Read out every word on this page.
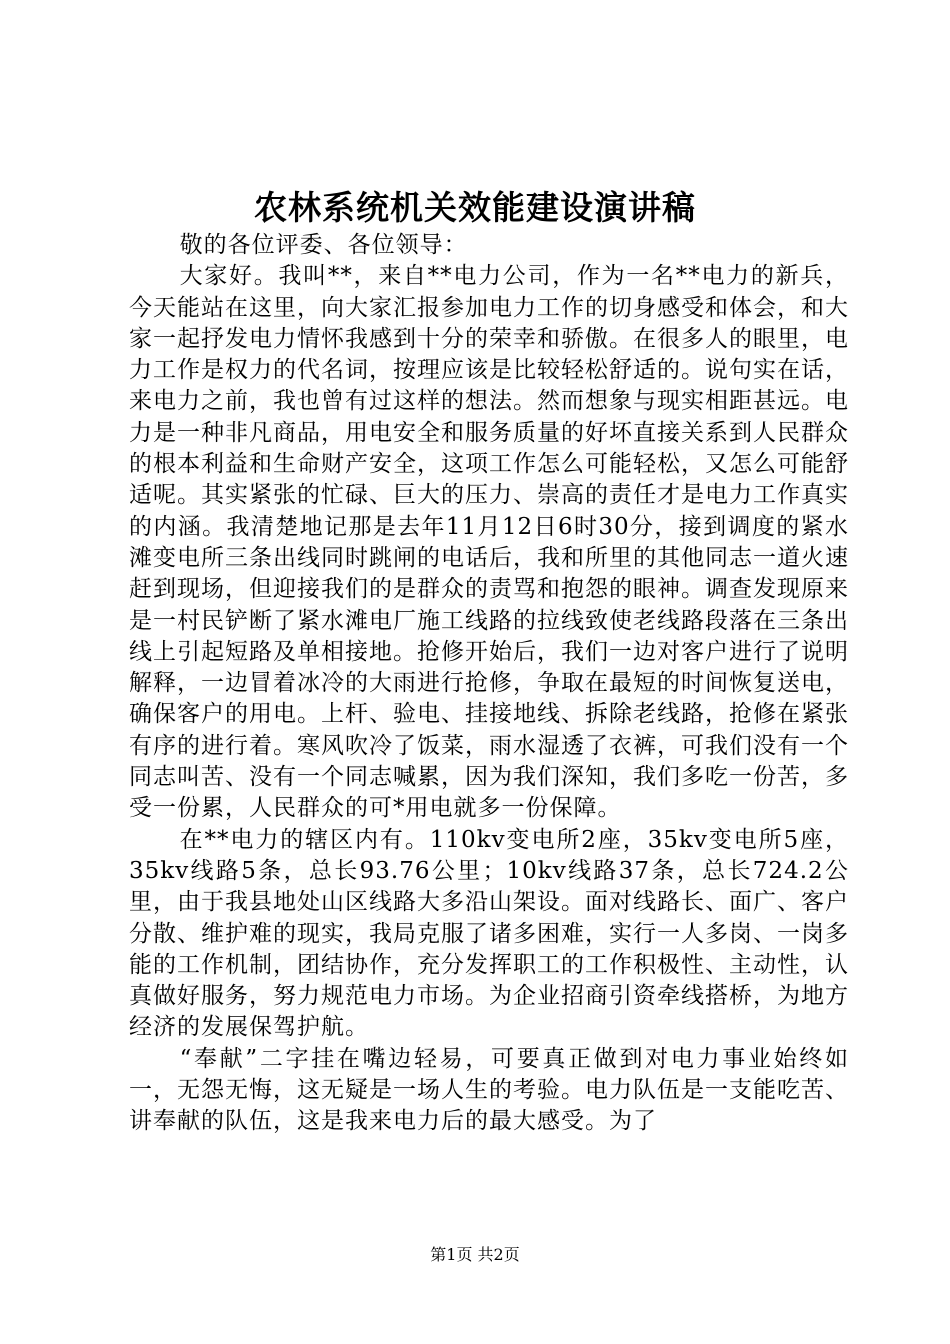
农林系统机关效能建设演讲稿

敬的各位评委、各位领导：

大家好。我叫**，来自**电力公司，作为一名**电力的新兵，今天能站在这里，向大家汇报参加电力工作的切身感受和体会，和大家一起抒发电力情怀我感到十分的荣幸和骄傲。在很多人的眼里，电力工作是权力的代名词，按理应该是比较轻松舒适的。说句实在话，来电力之前，我也曾有过这样的想法。然而想象与现实相距甚远。电力是一种非凡商品，用电安全和服务质量的好坏直接关系到人民群众的根本利益和生命财产安全，这项工作怎么可能轻松，又怎么可能舒适呢。其实紧张的忙碌、巨大的压力、崇高的责任才是电力工作真实的内涵。我清楚地记那是去年11月12日6时30分，接到调度的紧水滩变电所三条出线同时跳闸的电话后，我和所里的其他同志一道火速赶到现场，但迎接我们的是群众的责骂和抱怨的眼神。调查发现原来是一村民铲断了紧水滩电厂施工线路的拉线致使老线路段落在三条出线上引起短路及单相接地。抢修开始后，我们一边对客户进行了说明解释，一边冒着冰冷的大雨进行抢修，争取在最短的时间恢复送电，确保客户的用电。上杆、验电、挂接地线、拆除老线路，抢修在紧张有序的进行着。寒风吹冷了饭菜，雨水湿透了衣裤，可我们没有一个同志叫苦、没有一个同志喊累，因为我们深知，我们多吃一份苦，多受一份累，人民群众的可*用电就多一份保障。

在**电力的辖区内有。110kv变电所2座，35kv变电所5座，35kv线路5条，总长93.76公里；10kv线路37条，总长724.2公里，由于我县地处山区线路大多沿山架设。面对线路长、面广、客户分散、维护难的现实，我局克服了诸多困难，实行一人多岗、一岗多能的工作机制，团结协作，充分发挥职工的工作积极性、主动性，认真做好服务，努力规范电力市场。为企业招商引资牵线搭桥，为地方经济的发展保驾护航。

“奉献”二字挂在嘴边轻易，可要真正做到对电力事业始终如一，无怨无悔，这无疑是一场人生的考验。电力队伍是一支能吃苦、讲奉献的队伍，这是我来电力后的最大感受。为了

第1页 共2页
